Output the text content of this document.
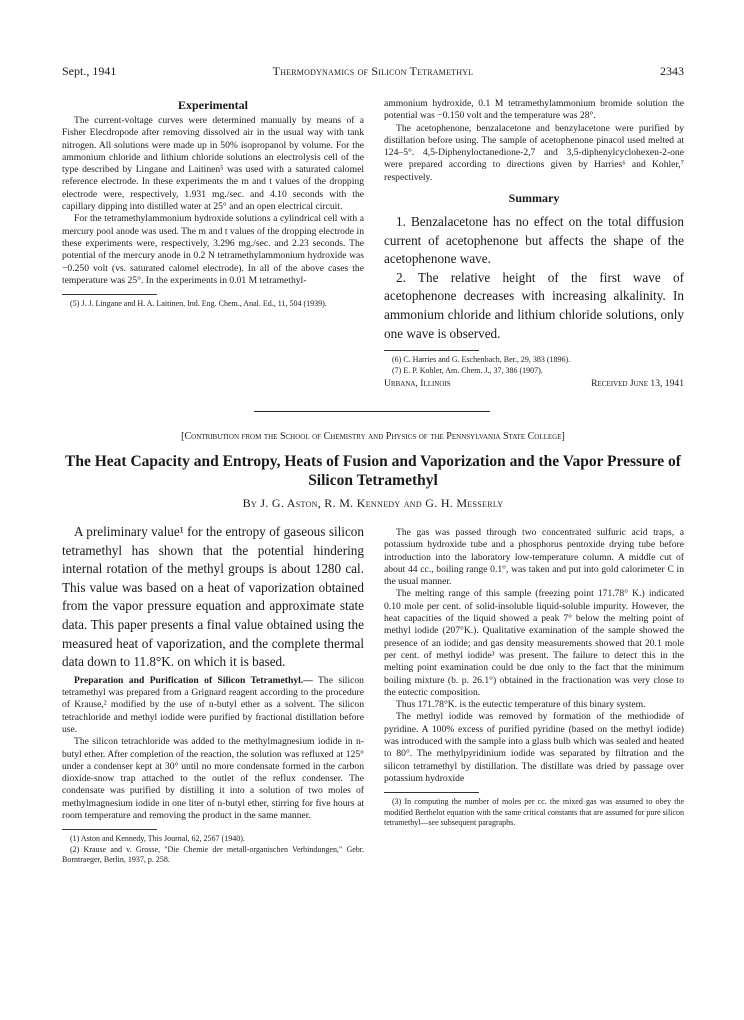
Sept., 1941	Thermodynamics of Silicon Tetramethyl	2343
Experimental

The current-voltage curves were determined manually by means of a Fisher Elecdropode after removing dissolved air in the usual way with tank nitrogen. All solutions were made up in 50% isopropanol by volume. For the ammonium chloride and lithium chloride solutions an electrolysis cell of the type described by Lingane and Laitinen⁵ was used with a saturated calomel reference electrode. In these experiments the m and t values of the dropping electrode were, respectively, 1.931 mg./sec. and 4.10 seconds with the capillary dipping into distilled water at 25° and an open electrical circuit.

For the tetramethylammonium hydroxide solutions a cylindrical cell with a mercury pool anode was used. The m and t values of the dropping electrode in these experiments were, respectively, 3.296 mg./sec. and 2.23 seconds. The potential of the mercury anode in 0.2 N tetramethylammonium hydroxide was −0.250 volt (vs. saturated calomel electrode). In all of the above cases the temperature was 25°. In the experiments in 0.01 M tetramethyl-

(5) J. J. Lingane and H. A. Laitinen, Ind. Eng. Chem., Anal. Ed., 11, 504 (1939).

ammonium hydroxide, 0.1 M tetramethylammonium bromide solution the potential was −0.150 volt and the temperature was 28°.

The acetophenone, benzalacetone and benzylacetone were purified by distillation before using. The sample of acetophenone pinacol used melted at 124–5°. 4,5-Diphenyloctanedione-2,7 and 3,5-diphenylcyclohexen-2-one were prepared according to directions given by Harries⁶ and Kohler,⁷ respectively.

Summary

1. Benzalacetone has no effect on the total diffusion current of acetophenone but affects the shape of the acetophenone wave.

2. The relative height of the first wave of acetophenone decreases with increasing alkalinity. In ammonium chloride and lithium chloride solutions, only one wave is observed.

(6) C. Harries and G. Eschenbach, Ber., 29, 383 (1896).

(7) E. P. Kohler, Am. Chem. J., 37, 386 (1907).

Urbana, Illinois	Received June 13, 1941
[Contribution from the School of Chemistry and Physics of the Pennsylvania State College]
The Heat Capacity and Entropy, Heats of Fusion and Vaporization and the Vapor Pressure of Silicon Tetramethyl
By J. G. Aston, R. M. Kennedy and G. H. Messerly

A preliminary value¹ for the entropy of gaseous silicon tetramethyl has shown that the potential hindering internal rotation of the methyl groups is about 1280 cal. This value was based on a heat of vaporization obtained from the vapor pressure equation and approximate state data. This paper presents a final value obtained using the measured heat of vaporization, and the complete thermal data down to 11.8°K. on which it is based.

Preparation and Purification of Silicon Tetramethyl.— The silicon tetramethyl was prepared from a Grignard reagent according to the procedure of Krause,² modified by the use of n-butyl ether as a solvent. The silicon tetrachloride and methyl iodide were purified by fractional distillation before use.

The silicon tetrachloride was added to the methylmagnesium iodide in n-butyl ether. After completion of the reaction, the solution was refluxed at 125° under a condenser kept at 30° until no more condensate formed in the carbon dioxide-snow trap attached to the outlet of the reflux condenser. The condensate was purified by distilling it into a solution of two moles of methylmagnesium iodide in one liter of n-butyl ether, stirring for five hours at room temperature and removing the product in the same manner.

(1) Aston and Kennedy, This Journal, 62, 2567 (1940).

(2) Krause and v. Grosse, "Die Chemie der metall-organischen Verbindungen," Gebr. Borntraeger, Berlin, 1937, p. 258.

The gas was passed through two concentrated sulfuric acid traps, a potassium hydroxide tube and a phosphorus pentoxide drying tube before introduction into the laboratory low-temperature column. A middle cut of about 44 cc., boiling range 0.1°, was taken and put into gold calorimeter C in the usual manner.

The melting range of this sample (freezing point 171.78° K.) indicated 0.10 mole per cent. of solid-insoluble liquid-soluble impurity. However, the heat capacities of the liquid showed a peak 7° below the melting point of methyl iodide (207°K.). Qualitative examination of the sample showed the presence of an iodide; and gas density measurements showed that 20.1 mole per cent. of methyl iodide³ was present. The failure to detect this in the melting point examination could be due only to the fact that the minimum boiling mixture (b. p. 26.1°) obtained in the fractionation was very close to the eutectic composition.

Thus 171.78°K. is the eutectic temperature of this binary system.

The methyl iodide was removed by formation of the methiodide of pyridine. A 100% excess of purified pyridine (based on the methyl iodide) was introduced with the sample into a glass bulb which was sealed and heated to 80°. The methylpyridinium iodide was separated by filtration and the silicon tetramethyl by distillation. The distillate was dried by passage over potassium hydroxide

(3) In computing the number of moles per cc. the mixed gas was assumed to obey the modified Berthelot equation with the same critical constants that are assumed for pure silicon tetramethyl—see subsequent paragraphs.
